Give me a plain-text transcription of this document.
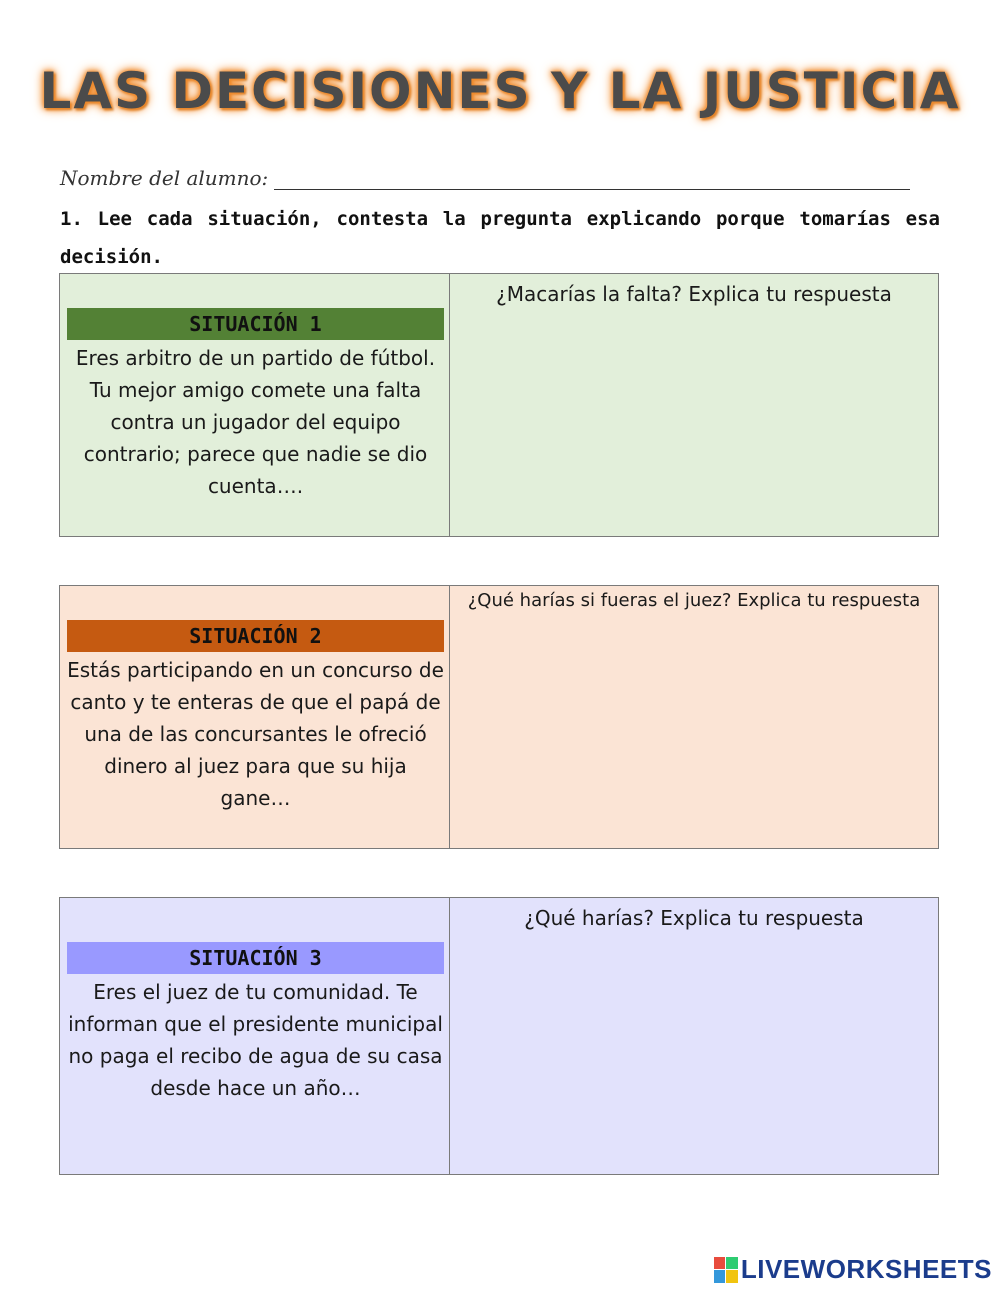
LAS DECISIONES Y LA JUSTICIA
Nombre del alumno:
1. Lee cada situación, contesta la pregunta explicando porque tomarías esa decisión.
SITUACIÓN 1
Eres arbitro de un partido de fútbol. Tu mejor amigo comete una falta contra un jugador del equipo contrario; parece que nadie se dio cuenta….
¿Macarías la falta? Explica tu respuesta
SITUACIÓN 2
Estás participando en un concurso de canto y te enteras de que el papá de una de las concursantes le ofreció dinero al juez para que su hija gane…
¿Qué harías si fueras el juez? Explica tu respuesta
SITUACIÓN 3
Eres el juez de tu comunidad. Te informan que el presidente municipal no paga el recibo de agua de su casa desde hace un año…
¿Qué harías? Explica tu respuesta
LIVEWORKSHEETS
